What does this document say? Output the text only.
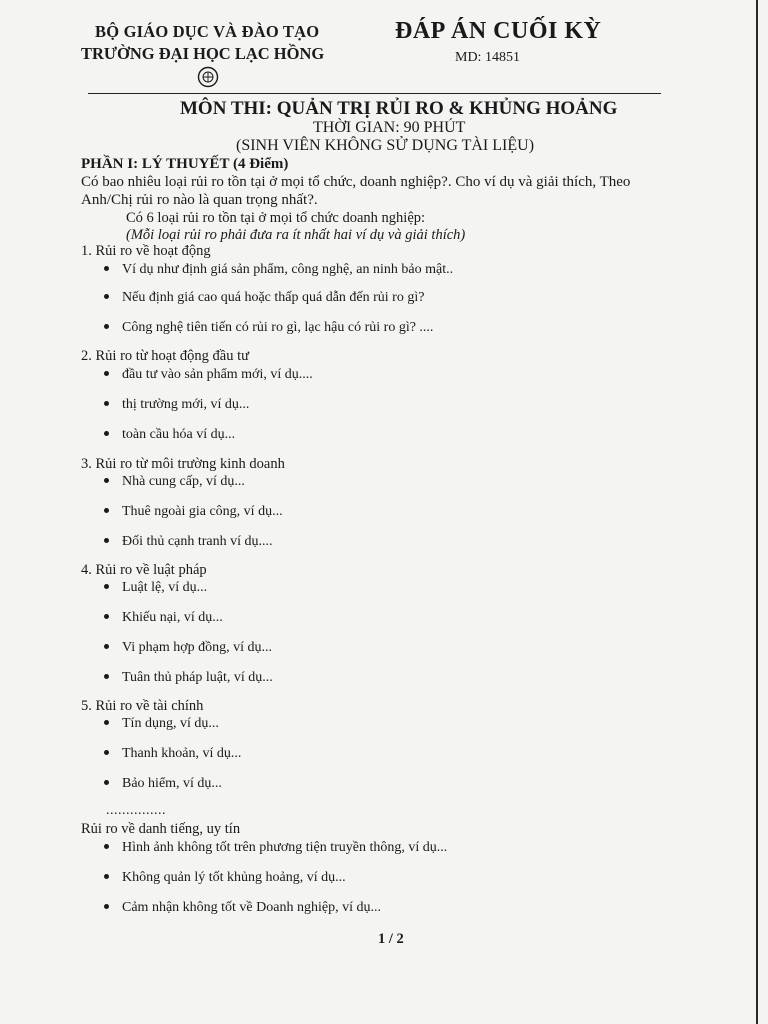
BỘ GIÁO DỤC VÀ ĐÀO TẠO
TRƯỜNG ĐẠI HỌC LẠC HỒNG
ĐÁP ÁN CUỐI KỲ
MD: 14851
MÔN THI: QUẢN TRỊ RỦI RO & KHỦNG HOẢNG
THỜI GIAN: 90 PHÚT
(SINH VIÊN KHÔNG SỬ DỤNG TÀI LIỆU)
PHẦN I: LÝ THUYẾT (4 Điểm)
Có bao nhiêu loại rủi ro tồn tại ở mọi tổ chức, doanh nghiệp?. Cho ví dụ và giải thích, Theo
Anh/Chị rủi ro nào là quan trọng nhất?.
Có 6 loại rủi ro tồn tại ở mọi tổ chức doanh nghiệp:
(Mỗi loại rủi ro phải đưa ra ít nhất hai ví dụ và giải thích)
1. Rủi ro về hoạt động
Ví dụ như định giá sản phẩm, công nghệ, an ninh bảo mật..
Nếu định giá cao quá hoặc thấp quá dẫn đến rủi ro gì?
Công nghệ tiên tiến có rủi ro gì, lạc hậu có rủi ro gì? ....
2. Rủi ro từ hoạt động đầu tư
đầu tư vào sản phẩm mới, ví dụ....
thị trường mới, ví dụ...
toàn cầu hóa ví dụ...
3. Rủi ro từ môi trường kinh doanh
Nhà cung cấp, ví dụ...
Thuê ngoài gia công, ví dụ...
Đối thủ cạnh tranh ví dụ....
4. Rủi ro về luật pháp
Luật lệ, ví dụ...
Khiếu nại, ví dụ...
Vi phạm hợp đồng, ví dụ...
Tuân thủ pháp luật, ví dụ...
5. Rủi ro về tài chính
Tín dụng, ví dụ...
Thanh khoản, ví dụ...
Bảo hiểm, ví dụ...
...............
Rủi ro về danh tiếng, uy tín
Hình ảnh không tốt trên phương tiện truyền thông, ví dụ...
Không quản lý tốt khủng hoảng, ví dụ...
Cảm nhận không tốt về Doanh nghiệp, ví dụ...
1 / 2
